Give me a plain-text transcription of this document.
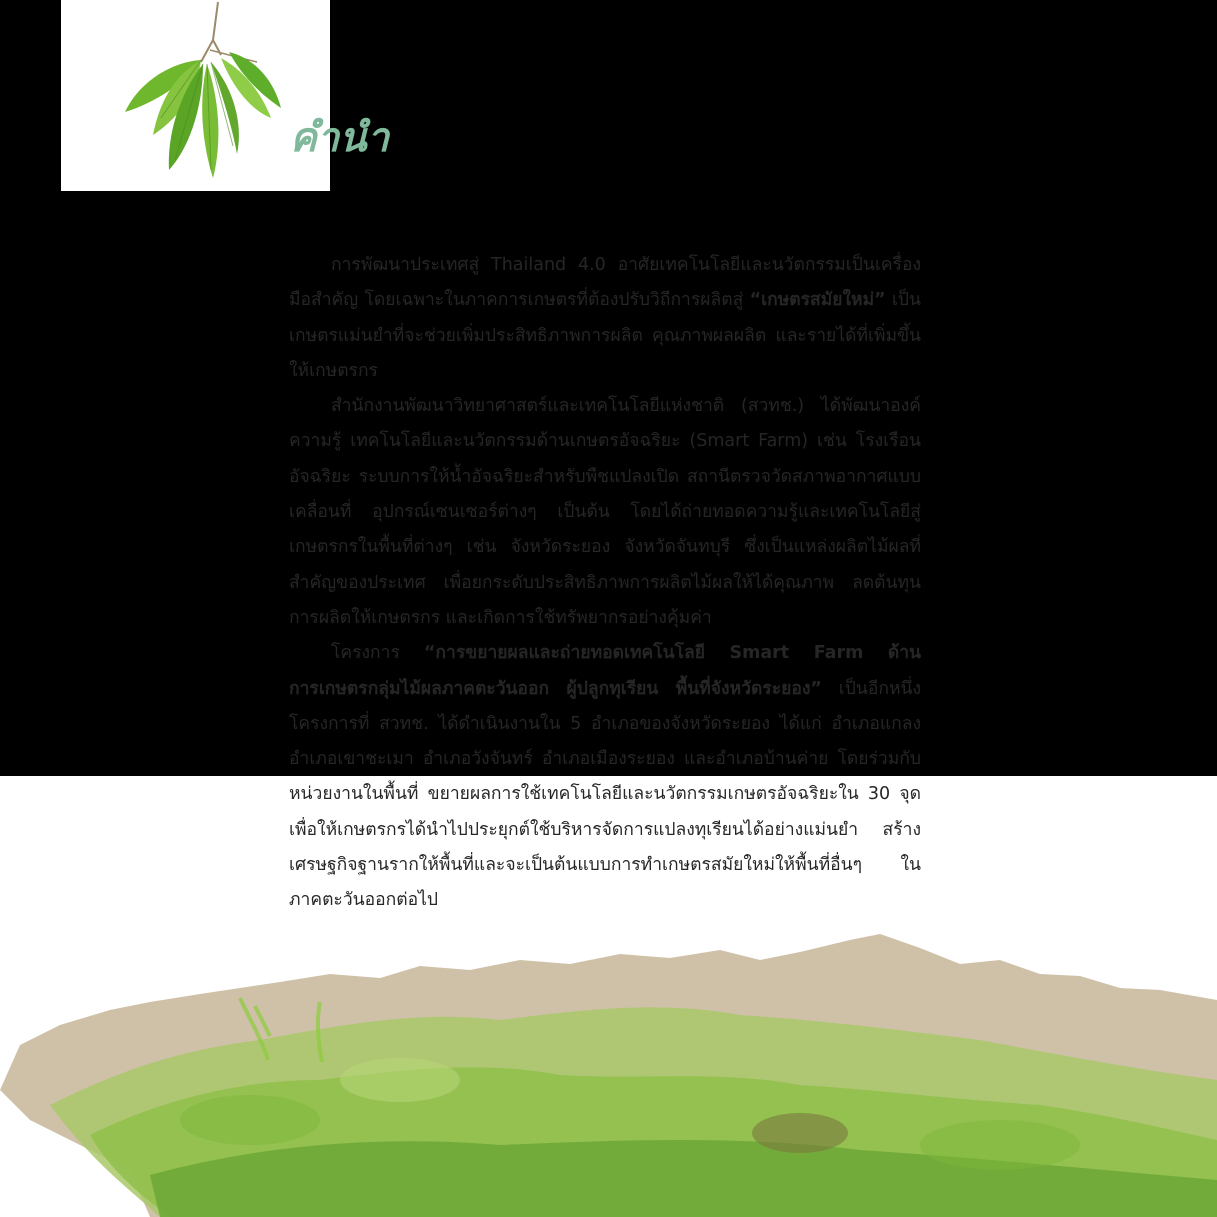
คำนำ

การพัฒนาประเทศสู่ Thailand 4.0 อาศัยเทคโนโลยีและนวัตกรรมเป็นเครื่องมือสำคัญ โดยเฉพาะในภาคการเกษตรที่ต้องปรับวิถีการผลิตสู่ “เกษตรสมัยใหม่” เป็นเกษตรแม่นยำที่จะช่วยเพิ่มประสิทธิภาพการผลิต คุณภาพผลผลิต และรายได้ที่เพิ่มขึ้นให้เกษตรกร

สำนักงานพัฒนาวิทยาศาสตร์และเทคโนโลยีแห่งชาติ (สวทช.) ได้พัฒนาองค์ความรู้ เทคโนโลยีและนวัตกรรมด้านเกษตรอัจฉริยะ (Smart Farm) เช่น โรงเรือนอัจฉริยะ ระบบการให้น้ำอัจฉริยะสำหรับพืชแปลงเปิด สถานีตรวจวัดสภาพอากาศแบบเคลื่อนที่ อุปกรณ์เซนเซอร์ต่างๆ เป็นต้น โดยได้ถ่ายทอดความรู้และเทคโนโลยีสู่เกษตรกรในพื้นที่ต่างๆ เช่น จังหวัดระยอง จังหวัดจันทบุรี ซึ่งเป็นแหล่งผลิตไม้ผลที่สำคัญของประเทศ เพื่อยกระดับประสิทธิภาพการผลิตไม้ผลให้ได้คุณภาพ ลดต้นทุนการผลิตให้เกษตรกร และเกิดการใช้ทรัพยากรอย่างคุ้มค่า

โครงการ “การขยายผลและถ่ายทอดเทคโนโลยี Smart Farm ด้านการเกษตรกลุ่มไม้ผลภาคตะวันออก ผู้ปลูกทุเรียน พื้นที่จังหวัดระยอง” เป็นอีกหนึ่งโครงการที่ สวทช. ได้ดำเนินงานใน 5 อำเภอของจังหวัดระยอง ได้แก่ อำเภอแกลง อำเภอเขาชะเมา อำเภอวังจันทร์ อำเภอเมืองระยอง และอำเภอบ้านค่าย โดยร่วมกับหน่วยงานในพื้นที่ ขยายผลการใช้เทคโนโลยีและนวัตกรรมเกษตรอัจฉริยะใน 30 จุด เพื่อให้เกษตรกรได้นำไปประยุกต์ใช้บริหารจัดการแปลงทุเรียนได้อย่างแม่นยำ สร้างเศรษฐกิจฐานรากให้พื้นที่และจะเป็นต้นแบบการทำเกษตรสมัยใหม่ให้พื้นที่อื่นๆ ในภาคตะวันออกต่อไป
